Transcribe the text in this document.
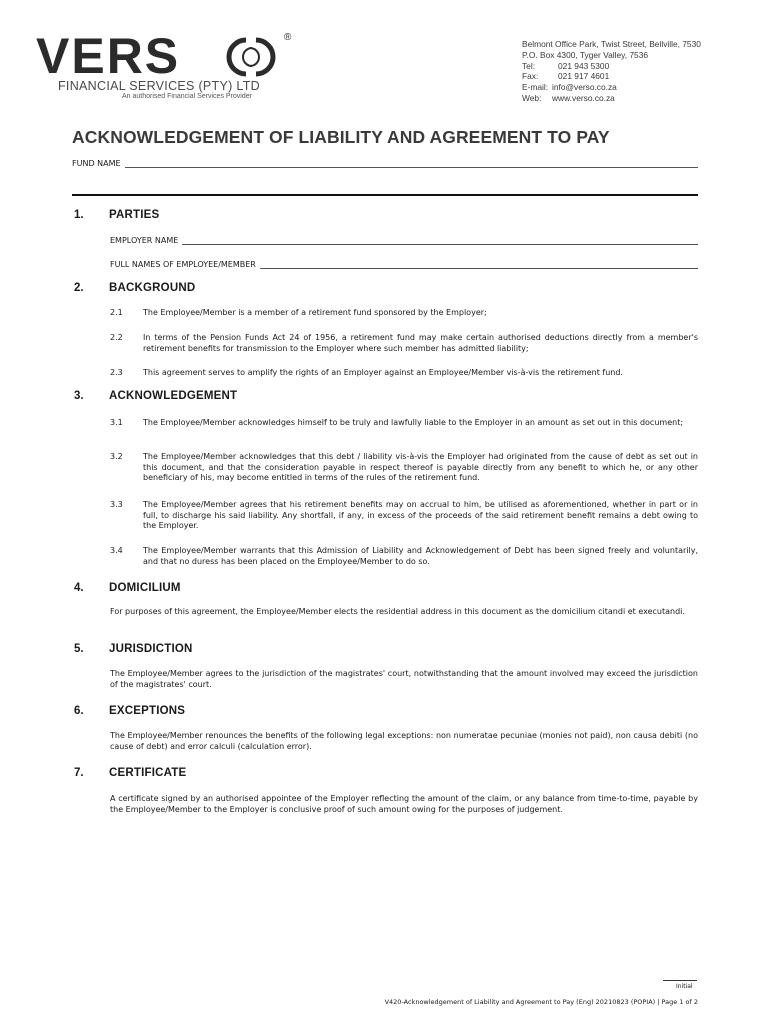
VERS	®
FINANCIAL SERVICES (PTY) LTD
An authorised Financial Services Provider
Belmont Office Park, Twist Street, Bellville, 7530
P.O. Box 4300, Tyger Valley, 7536
Tel:	021 943 5300
Fax:	021 917 4601
E-mail: info@verso.co.za
Web:	www.verso.co.za
ACKNOWLEDGEMENT OF LIABILITY AND AGREEMENT TO PAY
FUND NAME
1. PARTIES
EMPLOYER NAME
FULL NAMES OF EMPLOYEE/MEMBER
2. BACKGROUND
2.1	The Employee/Member is a member of a retirement fund sponsored by the Employer;
2.2	In terms of the Pension Funds Act 24 of 1956, a retirement fund may make certain authorised deductions directly from a member's retirement benefits for transmission to the Employer where such member has admitted liability;
2.3	This agreement serves to amplify the rights of an Employer against an Employee/Member vis-à-vis the retirement fund.
3. ACKNOWLEDGEMENT
3.1	The Employee/Member acknowledges himself to be truly and lawfully liable to the Employer in an amount as set out in this document;
3.2	The Employee/Member acknowledges that this debt / liability vis-à-vis the Employer had originated from the cause of debt as set out in this document, and that the consideration payable in respect thereof is payable directly from any benefit to which he, or any other beneficiary of his, may become entitled in terms of the rules of the retirement fund.
3.3	The Employee/Member agrees that his retirement benefits may on accrual to him, be utilised as aforementioned, whether in part or in full, to discharge his said liability. Any shortfall, if any, in excess of the proceeds of the said retirement benefit remains a debt owing to the Employer.
3.4	The Employee/Member warrants that this Admission of Liability and Acknowledgement of Debt has been signed freely and voluntarily, and that no duress has been placed on the Employee/Member to do so.
4. DOMICILIUM
For purposes of this agreement, the Employee/Member elects the residential address in this document as the domicilium citandi et executandi.
5. JURISDICTION
The Employee/Member agrees to the jurisdiction of the magistrates' court, notwithstanding that the amount involved may exceed the jurisdiction of the magistrates' court.
6. EXCEPTIONS
The Employee/Member renounces the benefits of the following legal exceptions: non numeratae pecuniae (monies not paid), non causa debiti (no cause of debt) and error calculi (calculation error).
7. CERTIFICATE
A certificate signed by an authorised appointee of the Employer reflecting the amount of the claim, or any balance from time-to-time, payable by the Employee/Member to the Employer is conclusive proof of such amount owing for the purposes of judgement.
Initial
V420-Acknowledgement of Liability and Agreement to Pay (Eng) 20210823 (POPIA) | Page 1 of 2
